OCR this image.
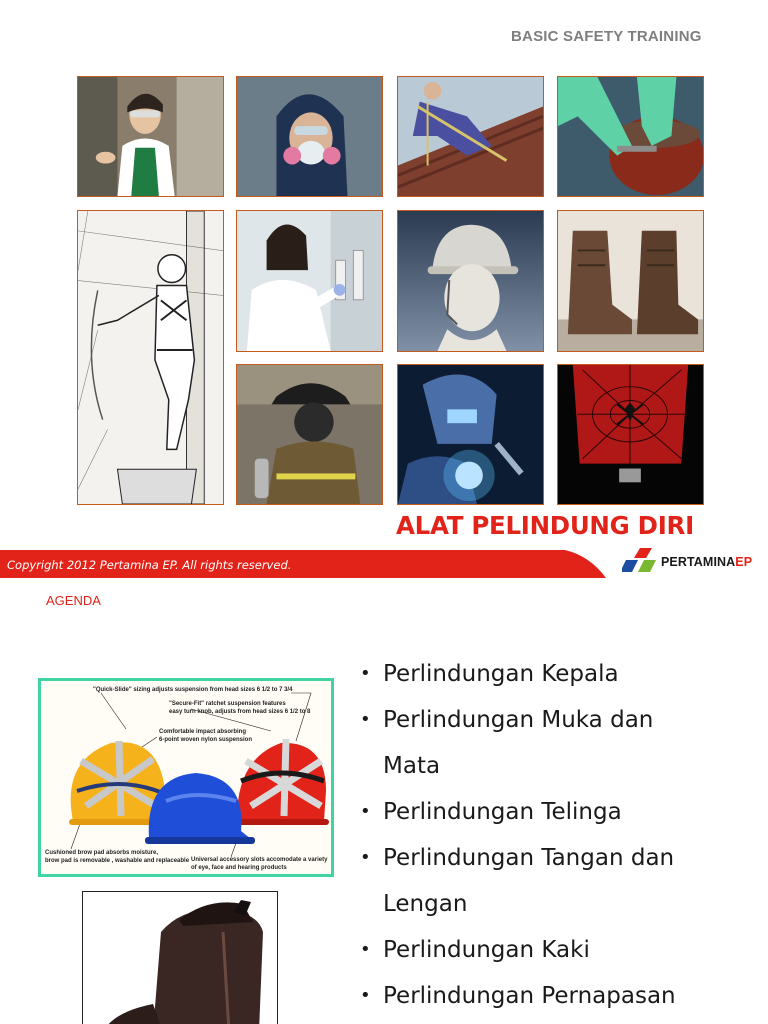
BASIC SAFETY TRAINING
ALAT PELINDUNG DIRI
Copyright 2012 Pertamina EP. All rights reserved.	PERTAMINAEP
AGENDA
"Quick-Slide" sizing adjusts suspension from head sizes 6 1/2 to 7 3/4
"Secure-Fit" ratchet suspension features
easy turn knob, adjusts from head sizes 6 1/2 to 8
Comfortable impact absorbing
6-point woven nylon suspension
Cushioned brow pad absorbs moisture,
brow pad is removable , washable and replaceable Universal accessory slots accomodate a variety
of eye, face and hearing products
• Perlindungan Kepala
• Perlindungan Muka dan
Mata
• Perlindungan Telinga
• Perlindungan Tangan dan
Lengan
• Perlindungan Kaki
• Perlindungan Pernapasan
